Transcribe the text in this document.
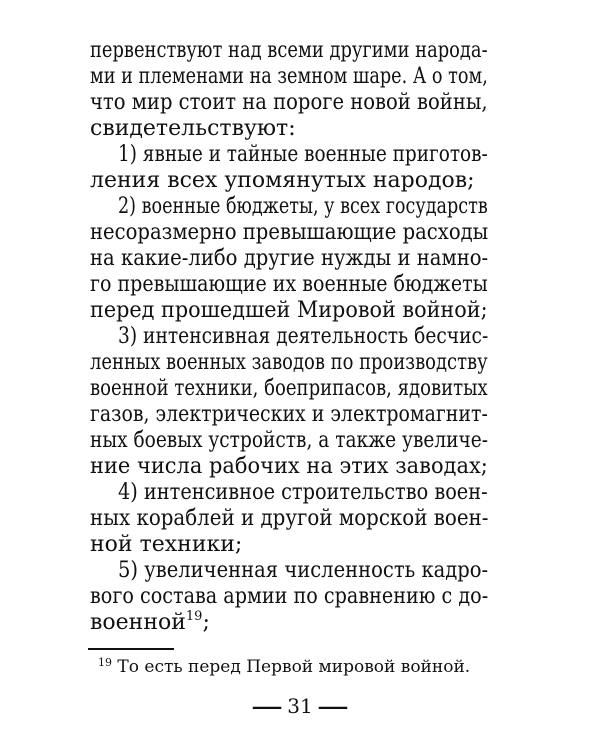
первенствуют над всеми другими народа-
ми и племенами на земном шаре. А о том,
что мир стоит на пороге новой войны,
свидетельствуют:
1) явные и тайные военные приготов-
ления всех упомянутых народов;
2) военные бюджеты, у всех государств
несоразмерно превышающие расходы
на какие-либо другие нужды и намно-
го превышающие их военные бюджеты
перед прошедшей Мировой войной;
3) интенсивная деятельность бесчис-
ленных военных заводов по производству
военной техники, боеприпасов, ядовитых
газов, электрических и электромагнит-
ных боевых устройств, а также увеличе-
ние числа рабочих на этих заводах;
4) интенсивное строительство воен-
ных кораблей и другой морской воен-
ной техники;
5) увеличенная численность кадро-
вого состава армии по сравнению с до-
военной$^{19}$;
$^{19}$ То есть перед Первой мировой войной.
— 31 —
